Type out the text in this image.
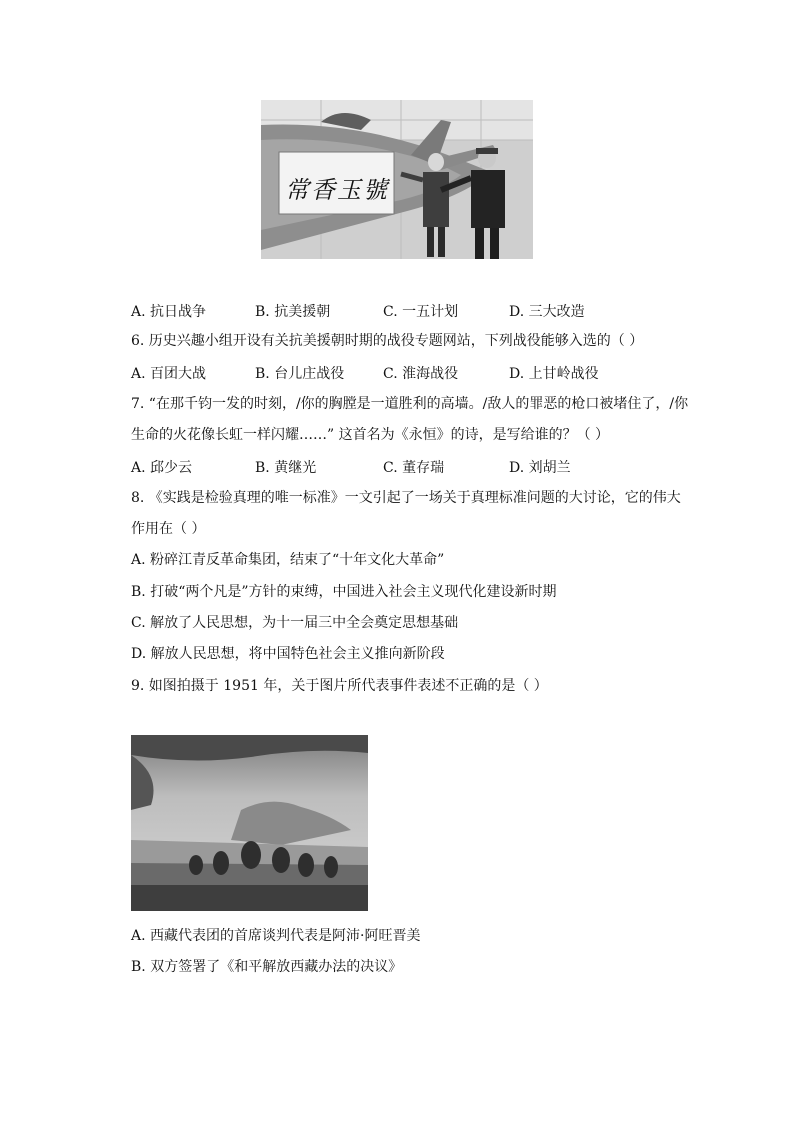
常香玉號
A. 抗日战争	B. 抗美援朝	C. 一五计划	D. 三大改造
6. 历史兴趣小组开设有关抗美援朝时期的战役专题网站，下列战役能够入选的（ ）
A. 百团大战	B. 台儿庄战役	C. 淮海战役	D. 上甘岭战役
7. “在那千钧一发的时刻，/你的胸膛是一道胜利的高墙。/敌人的罪恶的枪口被堵住了，/你
生命的火花像长虹一样闪耀……” 这首名为《永恒》的诗，是写给谁的？（ ）
A. 邱少云	B. 黄继光	C. 董存瑞	D. 刘胡兰
8. 《实践是检验真理的唯一标准》一文引起了一场关于真理标准问题的大讨论，它的伟大
作用在（ ）
A. 粉碎江青反革命集团，结束了“十年文化大革命”
B. 打破“两个凡是”方针的束缚，中国进入社会主义现代化建设新时期
C. 解放了人民思想，为十一届三中全会奠定思想基础
D. 解放人民思想，将中国特色社会主义推向新阶段
9. 如图拍摄于 1951 年，关于图片所代表事件表述不正确的是（ ）
A. 西藏代表团的首席谈判代表是阿沛·阿旺晋美
B. 双方签署了《和平解放西藏办法的决议》
